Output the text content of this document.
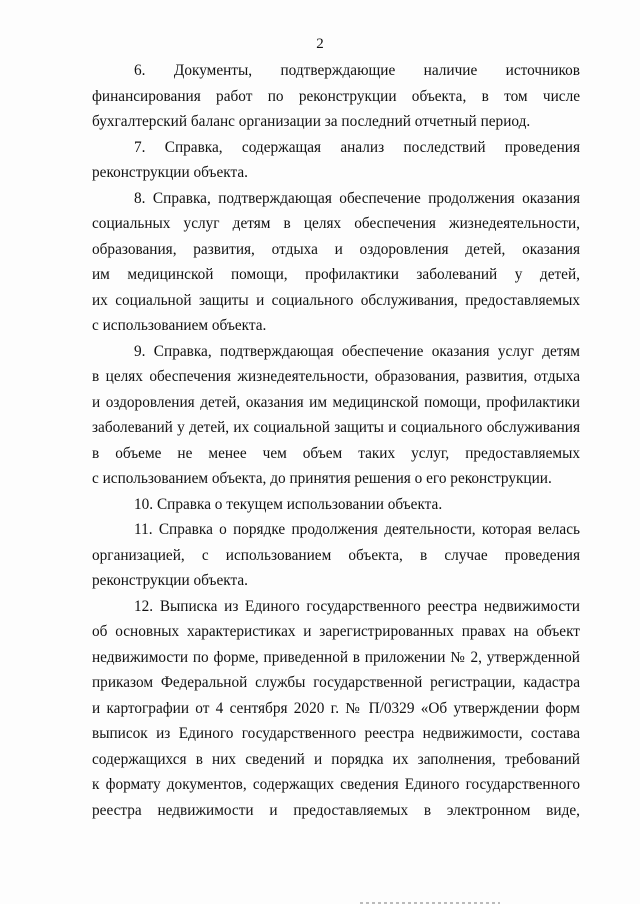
2
6. Документы, подтверждающие наличие источников
финансирования работ по реконструкции объекта, в том числе
бухгалтерский баланс организации за последний отчетный период.
7. Справка, содержащая анализ последствий проведения
реконструкции объекта.
8. Справка, подтверждающая обеспечение продолжения оказания
социальных услуг детям в целях обеспечения жизнедеятельности,
образования, развития, отдыха и оздоровления детей, оказания
им медицинской помощи, профилактики заболеваний у детей,
их социальной защиты и социального обслуживания, предоставляемых
с использованием объекта.
9. Справка, подтверждающая обеспечение оказания услуг детям
в целях обеспечения жизнедеятельности, образования, развития, отдыха
и оздоровления детей, оказания им медицинской помощи, профилактики
заболеваний у детей, их социальной защиты и социального обслуживания
в объеме не менее чем объем таких услуг, предоставляемых
с использованием объекта, до принятия решения о его реконструкции.
10. Справка о текущем использовании объекта.
11. Справка о порядке продолжения деятельности, которая велась
организацией, с использованием объекта, в случае проведения
реконструкции объекта.
12. Выписка из Единого государственного реестра недвижимости
об основных характеристиках и зарегистрированных правах на объект
недвижимости по форме, приведенной в приложении № 2, утвержденной
приказом Федеральной службы государственной регистрации, кадастра
и картографии от 4 сентября 2020 г. № П/0329 «Об утверждении форм
выписок из Единого государственного реестра недвижимости, состава
содержащихся в них сведений и порядка их заполнения, требований
к формату документов, содержащих сведения Единого государственного
реестра недвижимости и предоставляемых в электронном виде,
